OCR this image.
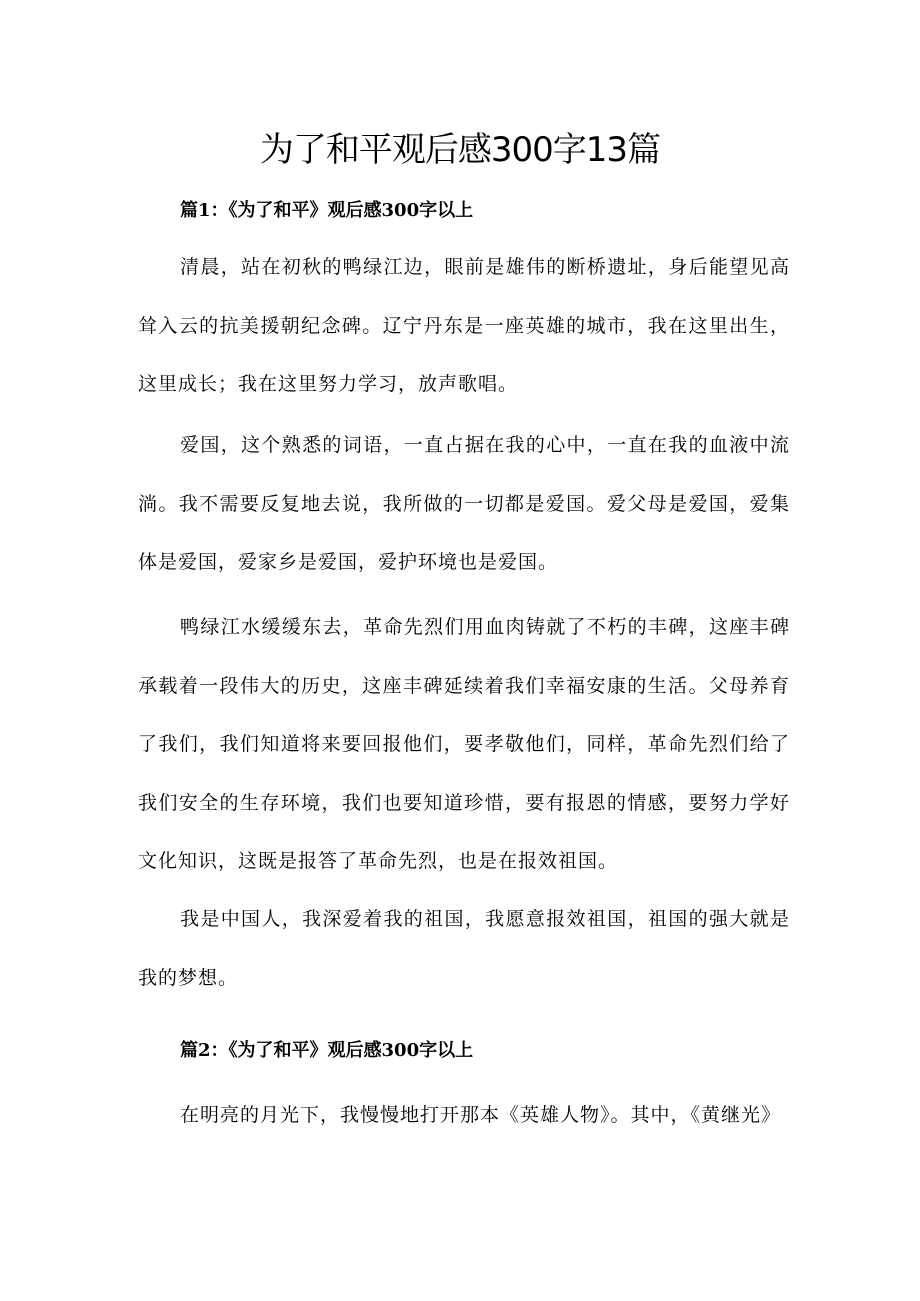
为了和平观后感300字13篇
篇1：《为了和平》观后感300字以上

清晨，站在初秋的鸭绿江边，眼前是雄伟的断桥遗址，身后能望见高耸入云的抗美援朝纪念碑。辽宁丹东是一座英雄的城市，我在这里出生，这里成长；我在这里努力学习，放声歌唱。

爱国，这个熟悉的词语，一直占据在我的心中，一直在我的血液中流淌。我不需要反复地去说，我所做的一切都是爱国。爱父母是爱国，爱集体是爱国，爱家乡是爱国，爱护环境也是爱国。

鸭绿江水缓缓东去，革命先烈们用血肉铸就了不朽的丰碑，这座丰碑承载着一段伟大的历史，这座丰碑延续着我们幸福安康的生活。父母养育了我们，我们知道将来要回报他们，要孝敬他们，同样，革命先烈们给了我们安全的生存环境，我们也要知道珍惜，要有报恩的情感，要努力学好文化知识，这既是报答了革命先烈，也是在报效祖国。

我是中国人，我深爱着我的祖国，我愿意报效祖国，祖国的强大就是我的梦想。

篇2：《为了和平》观后感300字以上

在明亮的月光下，我慢慢地打开那本《英雄人物》。其中，《黄继光》
